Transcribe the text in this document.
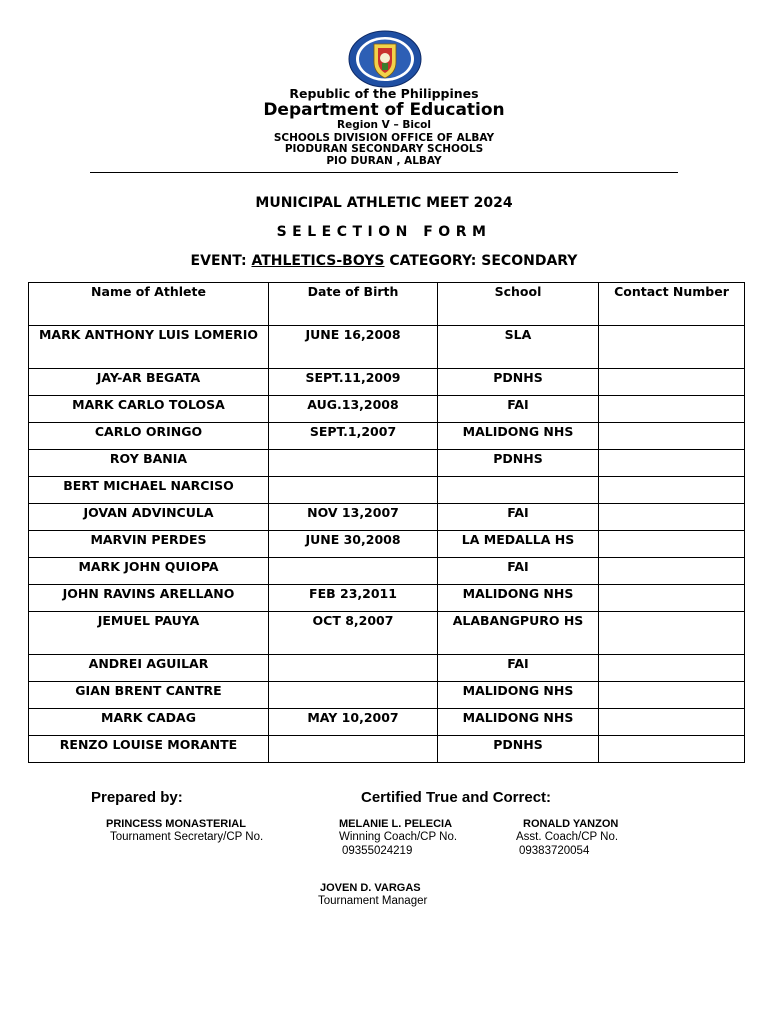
Republic of the Philippines
Department of Education
Region V – Bicol
SCHOOLS DIVISION OFFICE OF ALBAY
PIODURAN SECONDARY SCHOOLS
PIO DURAN , ALBAY
MUNICIPAL ATHLETIC MEET 2024
SELECTION FORM
EVENT: ATHLETICS-BOYS CATEGORY: SECONDARY
Name of Athlete	Date of Birth	School	Contact Number
MARK ANTHONY LUIS LOMERIO	JUNE 16,2008	SLA	
JAY-AR BEGATA	SEPT.11,2009	PDNHS	
MARK CARLO TOLOSA	AUG.13,2008	FAI	
CARLO ORINGO	SEPT.1,2007	MALIDONG NHS	
ROY BANIA		PDNHS	
BERT MICHAEL NARCISO			
JOVAN ADVINCULA	NOV 13,2007	FAI	
MARVIN PERDES	JUNE 30,2008	LA MEDALLA HS	
MARK JOHN QUIOPA		FAI	
JOHN RAVINS ARELLANO	FEB 23,2011	MALIDONG NHS	
JEMUEL PAUYA	OCT 8,2007	ALABANGPURO HS	
ANDREI AGUILAR		FAI	
GIAN BRENT CANTRE		MALIDONG NHS	
MARK CADAG	MAY 10,2007	MALIDONG NHS	
RENZO LOUISE MORANTE		PDNHS	
Prepared by:	Certified True and Correct:
PRINCESS MONASTERIAL
Tournament Secretary/CP No.
MELANIE L. PELECIA
Winning Coach/CP No.
09355024219
RONALD YANZON
Asst. Coach/CP No.
09383720054
JOVEN D. VARGAS
Tournament Manager
